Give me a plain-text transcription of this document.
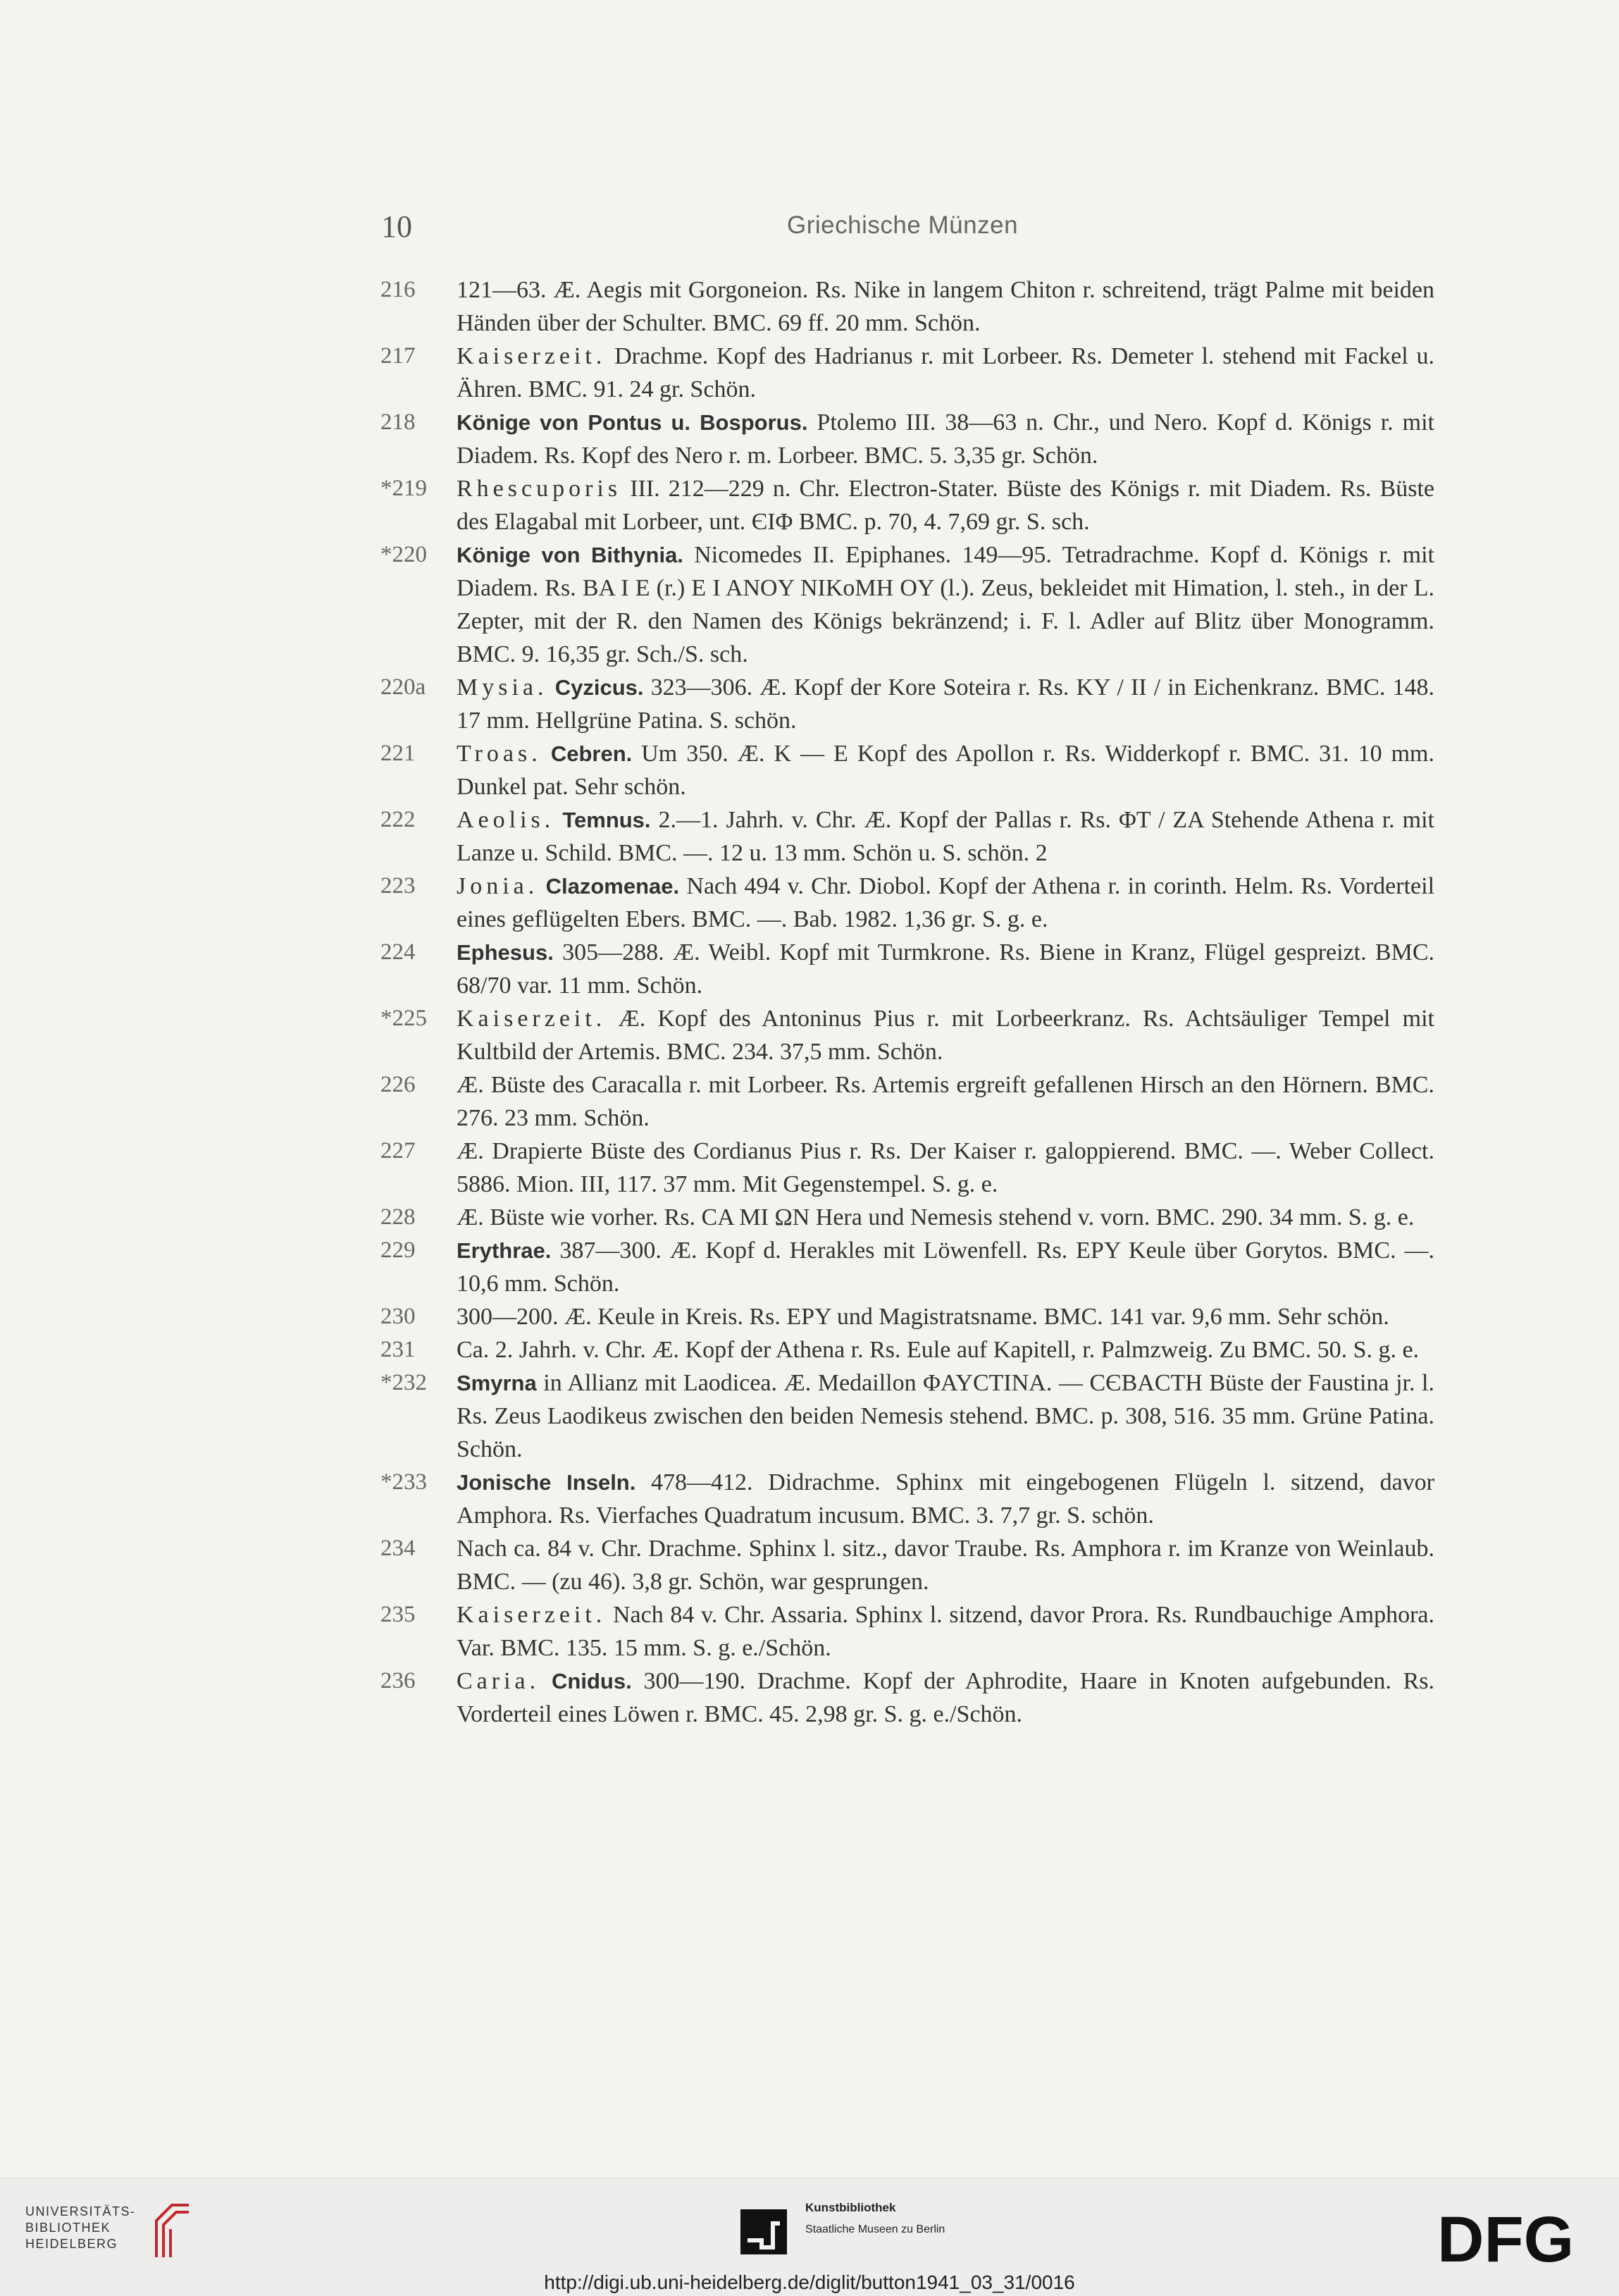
10	Griechische Münzen
216	121—63. Æ. Aegis mit Gorgoneion. Rs. Nike in langem Chiton r. schreitend, trägt Palme mit beiden Händen über der Schulter. BMC. 69 ff. 20 mm. Schön.
217	Kaiserzeit. Drachme. Kopf des Hadrianus r. mit Lorbeer. Rs. Demeter l. stehend mit Fackel u. Ähren. BMC. 91. 24 gr. Schön.
218	Könige von Pontus u. Bosporus. Ptolemo III. 38—63 n. Chr., und Nero. Kopf d. Königs r. mit Diadem. Rs. Kopf des Nero r. m. Lorbeer. BMC. 5. 3,35 gr. Schön.
*219	Rhescuporis III. 212—229 n. Chr. Electron-Stater. Büste des Königs r. mit Diadem. Rs. Büste des Elagabal mit Lorbeer, unt. ЄIΦ BMC. p. 70, 4. 7,69 gr. S. sch.
*220	Könige von Bithynia. Nicomedes II. Epiphanes. 149—95. Tetradrachme. Kopf d. Königs r. mit Diadem. Rs. BA I E (r.) E I ANOY NIKoMH OY (l.). Zeus, bekleidet mit Himation, l. steh., in der L. Zepter, mit der R. den Namen des Königs bekränzend; i. F. l. Adler auf Blitz über Monogramm. BMC. 9. 16,35 gr. Sch./S. sch.
220a	Mysia. Cyzicus. 323—306. Æ. Kopf der Kore Soteira r. Rs. KY / II / in Eichenkranz. BMC. 148. 17 mm. Hellgrüne Patina. S. schön.
221	Troas. Cebren. Um 350. Æ. K — E Kopf des Apollon r. Rs. Widderkopf r. BMC. 31. 10 mm. Dunkel pat. Sehr schön.
222	Aeolis. Temnus. 2.—1. Jahrh. v. Chr. Æ. Kopf der Pallas r. Rs. ΦT / ZA Stehende Athena r. mit Lanze u. Schild. BMC. —. 12 u. 13 mm. Schön u. S. schön. 2
223	Jonia. Clazomenae. Nach 494 v. Chr. Diobol. Kopf der Athena r. in corinth. Helm. Rs. Vorderteil eines geflügelten Ebers. BMC. —. Bab. 1982. 1,36 gr. S. g. e.
224	Ephesus. 305—288. Æ. Weibl. Kopf mit Turmkrone. Rs. Biene in Kranz, Flügel gespreizt. BMC. 68/70 var. 11 mm. Schön.
*225	Kaiserzeit. Æ. Kopf des Antoninus Pius r. mit Lorbeerkranz. Rs. Achtsäuliger Tempel mit Kultbild der Artemis. BMC. 234. 37,5 mm. Schön.
226	Æ. Büste des Caracalla r. mit Lorbeer. Rs. Artemis ergreift gefallenen Hirsch an den Hörnern. BMC. 276. 23 mm. Schön.
227	Æ. Drapierte Büste des Cordianus Pius r. Rs. Der Kaiser r. galoppierend. BMC. —. Weber Collect. 5886. Mion. III, 117. 37 mm. Mit Gegenstempel. S. g. e.
228	Æ. Büste wie vorher. Rs. CA MI ΩN Hera und Nemesis stehend v. vorn. BMC. 290. 34 mm. S. g. e.
229	Erythrae. 387—300. Æ. Kopf d. Herakles mit Löwenfell. Rs. EPY Keule über Gorytos. BMC. —. 10,6 mm. Schön.
230	300—200. Æ. Keule in Kreis. Rs. EPY und Magistratsname. BMC. 141 var. 9,6 mm. Sehr schön.
231	Ca. 2. Jahrh. v. Chr. Æ. Kopf der Athena r. Rs. Eule auf Kapitell, r. Palmzweig. Zu BMC. 50. S. g. e.
*232	Smyrna in Allianz mit Laodicea. Æ. Medaillon ΦAYCTINA. — CЄBACTH Büste der Faustina jr. l. Rs. Zeus Laodikeus zwischen den beiden Nemesis stehend. BMC. p. 308, 516. 35 mm. Grüne Patina. Schön.
*233	Jonische Inseln. 478—412. Didrachme. Sphinx mit eingebogenen Flügeln l. sitzend, davor Amphora. Rs. Vierfaches Quadratum incusum. BMC. 3. 7,7 gr. S. schön.
234	Nach ca. 84 v. Chr. Drachme. Sphinx l. sitz., davor Traube. Rs. Amphora r. im Kranze von Weinlaub. BMC. — (zu 46). 3,8 gr. Schön, war gesprungen.
235	Kaiserzeit. Nach 84 v. Chr. Assaria. Sphinx l. sitzend, davor Prora. Rs. Rundbauchige Amphora. Var. BMC. 135. 15 mm. S. g. e./Schön.
236	Caria. Cnidus. 300—190. Drachme. Kopf der Aphrodite, Haare in Knoten aufgebunden. Rs. Vorderteil eines Löwen r. BMC. 45. 2,98 gr. S. g. e./Schön.
UNIVERSITÄTS-
BIBLIOTHEK
HEIDELBERG
Kunstbibliothek
Staatliche Museen zu Berlin	DFG
http://digi.ub.uni-heidelberg.de/diglit/button1941_03_31/0016
